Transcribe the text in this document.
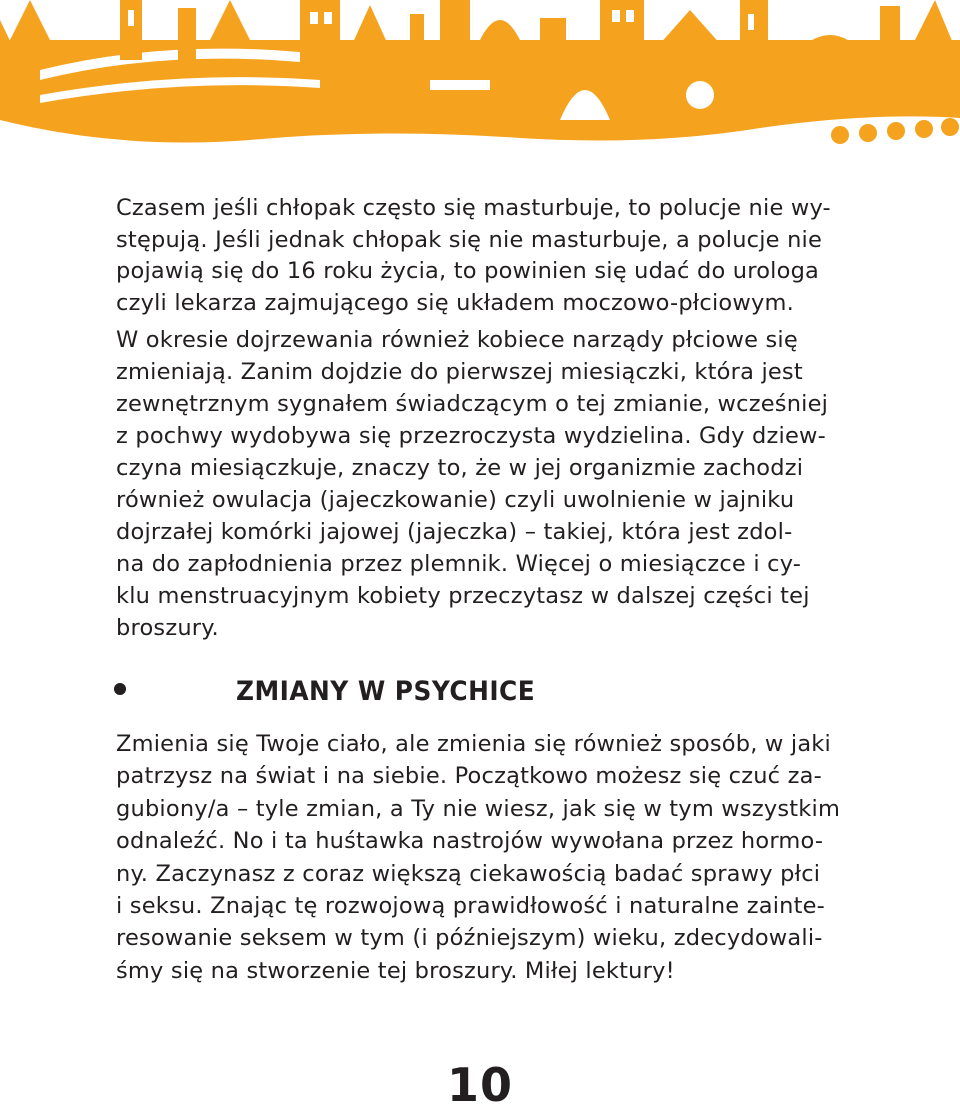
Czasem jeśli chłopak często się masturbuje, to polucje nie wy-
stępują. Jeśli jednak chłopak się nie masturbuje, a polucje nie
pojawią się do 16 roku życia, to powinien się udać do urologa
czyli lekarza zajmującego się układem moczowo-płciowym.

W okresie dojrzewania również kobiece narządy płciowe się
zmieniają. Zanim dojdzie do pierwszej miesiączki, która jest
zewnętrznym sygnałem świadczącym o tej zmianie, wcześniej
z pochwy wydobywa się przezroczysta wydzielina. Gdy dziew-
czyna miesiączkuje, znaczy to, że w jej organizmie zachodzi
również owulacja (jajeczkowanie) czyli uwolnienie w jajniku
dojrzałej komórki jajowej (jajeczka) – takiej, która jest zdol-
na do zapłodnienia przez plemnik. Więcej o miesiączce i cy-
klu menstruacyjnym kobiety przeczytasz w dalszej części tej
broszury.

ZMIANY W PSYCHICE

Zmienia się Twoje ciało, ale zmienia się również sposób, w jaki
patrzysz na świat i na siebie. Początkowo możesz się czuć za-
gubiony/a – tyle zmian, a Ty nie wiesz, jak się w tym wszystkim
odnaleźć. No i ta huśtawka nastrojów wywołana przez hormo-
ny. Zaczynasz z coraz większą ciekawością badać sprawy płci
i seksu. Znając tę rozwojową prawidłowość i naturalne zainte-
resowanie seksem w tym (i późniejszym) wieku, zdecydowali-
śmy się na stworzenie tej broszury. Miłej lektury!

10
